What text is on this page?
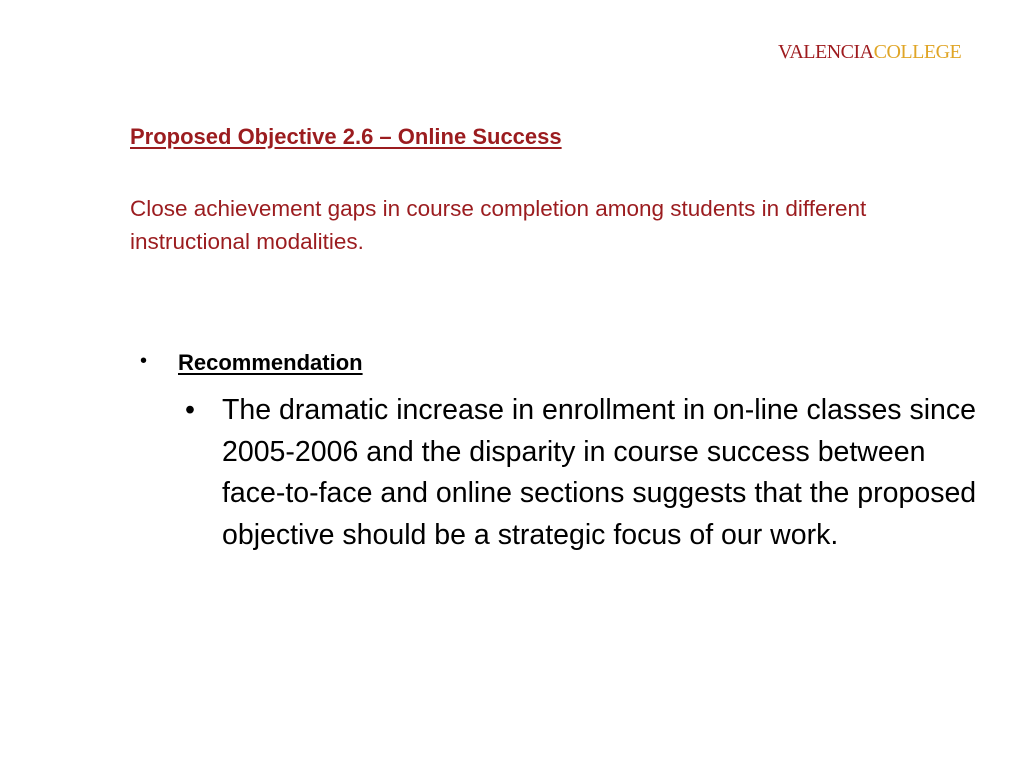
VALENCIACOLLEGE
Proposed Objective 2.6 – Online Success

Close achievement gaps in course completion among students in different instructional modalities.

• Recommendation
• The dramatic increase in enrollment in on-line classes since 2005-2006 and the disparity in course success between face-to-face and online sections suggests that the proposed objective should be a strategic focus of our work.
